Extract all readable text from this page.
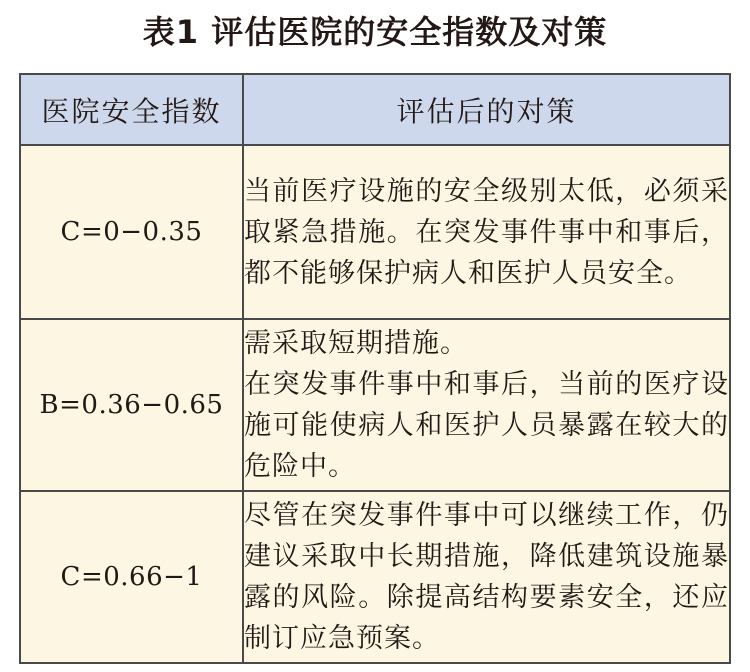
表1 评估医院的安全指数及对策
医院安全指数	评估后的对策
C=0−0.35	当前医疗设施的安全级别太低，必须采取紧急措施。在突发事件事中和事后，都不能够保护病人和医护人员安全。

B=0.36−0.65	需采取短期措施。
在突发事件事中和事后，当前的医疗设施可能使病人和医护人员暴露在较大的危险中。

C=0.66−1	尽管在突发事件事中可以继续工作，仍建议采取中长期措施，降低建筑设施暴露的风险。除提高结构要素安全，还应制订应急预案。
